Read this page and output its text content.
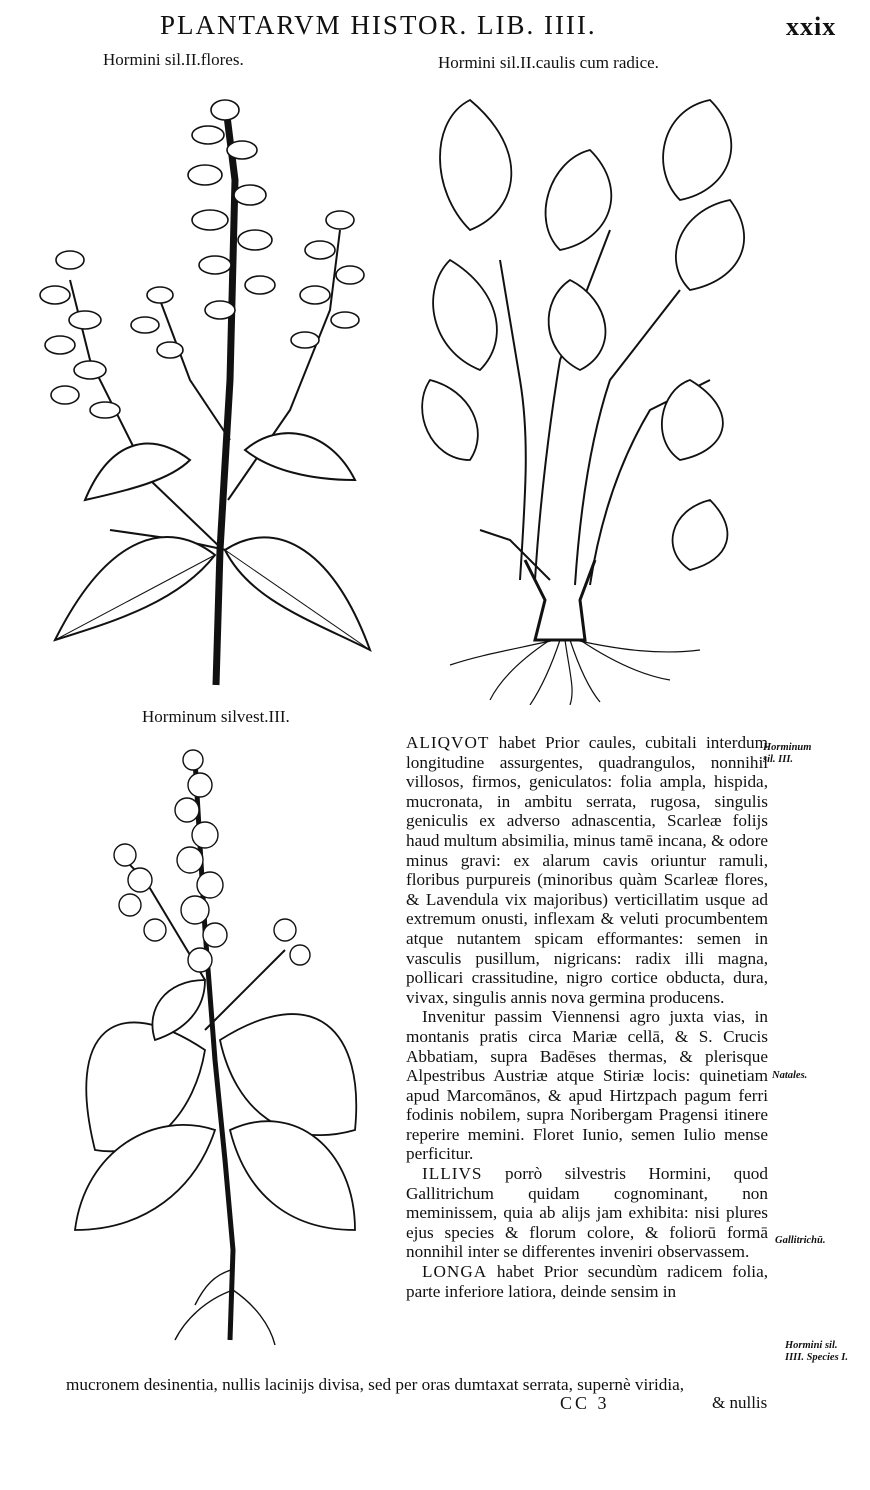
PLANTARVM HISTOR. LIB. IIII.	xxix
Hormini sil.II.flores.	Hormini sil.II.caulis cum radice.
Horminum silvest.III.

ALIQVOT habet Prior caules, cubitali interdum longitudine assurgentes, quadrangulos, nonnihil villosos, firmos, geniculatos: folia ampla, hispida, mucronata, in ambitu serrata, rugosa, singulis geniculis ex adverso adnascentia, Scarleæ folijs haud multum absimilia, minus tamē incana, & odore minus gravi: ex alarum cavis oriuntur ramuli, floribus purpureis (minoribus quàm Scarleæ flores, & Lavendula vix majoribus) verticillatim usque ad extremum onusti, inflexam & veluti procumbentem atque nutantem spicam efformantes: semen in vasculis pusillum, nigricans: radix illi magna, pollicari crassitudine, nigro cortice obducta, dura, vivax, singulis annis nova germina producens.

Invenitur passim Viennensi agro juxta vias, in montanis pratis circa Mariæ cellā, & S. Crucis Abbatiam, supra Badēses thermas, & plerisque Alpestribus Austriæ atque Stiriæ locis: quinetiam apud Marcomānos, & apud Hirtzpach pagum ferri fodinis nobilem, supra Noribergam Pragensi itinere reperire memini. Floret Iunio, semen Iulio mense perficitur.

ILLIVS porrò silvestris Hormini, quod Gallitrichum quidam cognominant, non meminissem, quia ab alijs jam exhibita: nisi plures ejus species & florum colore, & foliorū formā nonnihil inter se differentes inveniri observassem.

LONGA habet Prior secundùm radicem folia, parte inferiore latiora, deinde sensim in

mucronem desinentia, nullis lacinijs divisa, sed per oras dumtaxat serrata, supernè viridia,
CC 3	& nullis
Horminum
sil. III.
Natales.
Gallitrichū.
Hormini sil.
IIII. Species I.
